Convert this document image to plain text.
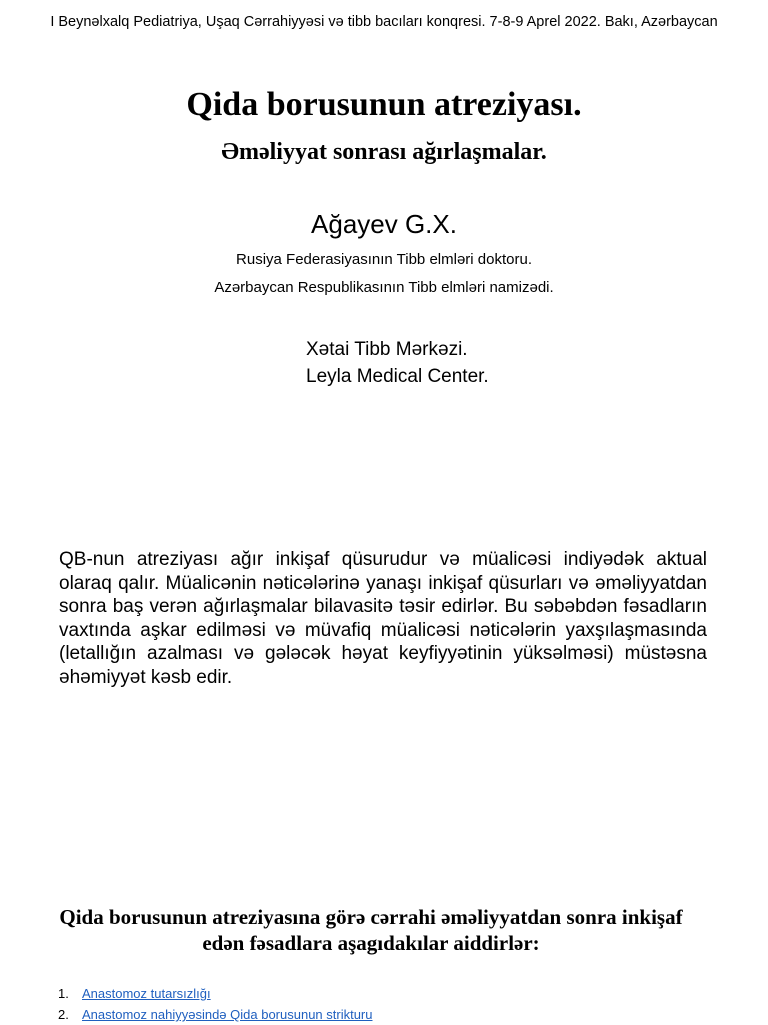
I Beynəlxalq Pediatriya, Uşaq Cərrahiyyəsi və tibb bacıları konqresi. 7-8-9 Aprel 2022. Bakı, Azərbaycan
Qida borusunun atreziyası.
Əməliyyat sonrası ağırlaşmalar.
Ağayev G.X.
Rusiya Federasiyasının Tibb elmləri doktoru.
Azərbaycan Respublikasının Tibb elmləri namizədi.
Xətai Tibb Mərkəzi.
Leyla Medical Center.
QB-nun atreziyası ağır inkişaf qüsurudur və müalicəsi indiyədək aktual olaraq qalır. Müalicənin nəticələrinə yanaşı inkişaf qüsurları və əməliyyatdan sonra baş verən ağırlaşmalar bilavasitə təsir edirlər. Bu səbəbdən fəsadların vaxtında aşkar edilməsi və müvafiq müalicəsi nəticələrin yaxşılaşmasında (letallığın azalması və gələcək həyat keyfiyyətinin yüksəlməsi) müstəsna əhəmiyyət kəsb edir.
Qida borusunun atreziyasına görə cərrahi əməliyyatdan sonra inkişaf
edən fəsadlara aşagıdakılar aiddirlər:
1. Anastomoz tutarsızlığı
2. Anastomoz nahiyyəsində Qida borusunun strikturu
